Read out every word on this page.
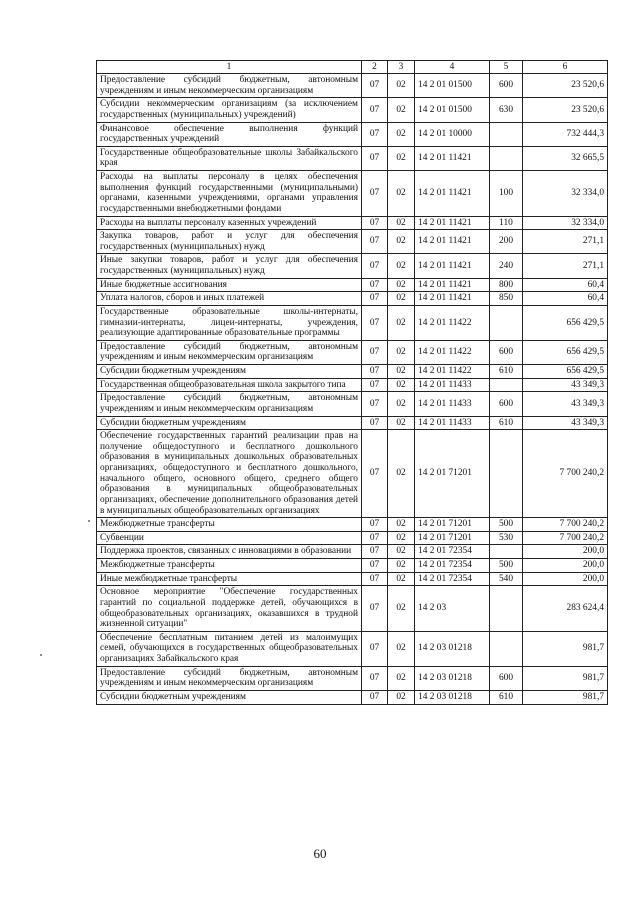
1	2	3	4	5	6
Предоставление субсидий бюджетным, автономным учреждениям и иным некоммерческим организациям	07	02	14 2 01 01500	600	23 520,6
Субсидии некоммерческим организациям (за исключением государственных (муниципальных) учреждений)	07	02	14 2 01 01500	630	23 520,6
Финансовое обеспечение выполнения функций государственных учреждений	07	02	14 2 01 10000		732 444,3
Государственные общеобразовательные школы Забайкальского края	07	02	14 2 01 11421		32 665,5
Расходы на выплаты персоналу в целях обеспечения выполнения функций государственными (муниципальными) органами, казенными учреждениями, органами управления государственными внебюджетными фондами	07	02	14 2 01 11421	100	32 334,0
Расходы на выплаты персоналу казенных учреждений	07	02	14 2 01 11421	110	32 334,0
Закупка товаров, работ и услуг для обеспечения государственных (муниципальных) нужд	07	02	14 2 01 11421	200	271,1
Иные закупки товаров, работ и услуг для обеспечения государственных (муниципальных) нужд	07	02	14 2 01 11421	240	271,1
Иные бюджетные ассигнования	07	02	14 2 01 11421	800	60,4
Уплата налогов, сборов и иных платежей	07	02	14 2 01 11421	850	60,4
Государственные образовательные школы-интернаты, гимназии-интернаты, лицеи-интернаты, учреждения, реализующие адаптированные образовательные программы	07	02	14 2 01 11422		656 429,5
Предоставление субсидий бюджетным, автономным учреждениям и иным некоммерческим организациям	07	02	14 2 01 11422	600	656 429,5
Субсидии бюджетным учреждениям	07	02	14 2 01 11422	610	656 429,5
Государственная общеобразовательная школа закрытого типа	07	02	14 2 01 11433		43 349,3
Предоставление субсидий бюджетным, автономным учреждениям и иным некоммерческим организациям	07	02	14 2 01 11433	600	43 349,3
Субсидии бюджетным учреждениям	07	02	14 2 01 11433	610	43 349,3
Обеспечение государственных гарантий реализации прав на получение общедоступного и бесплатного дошкольного образования в муниципальных дошкольных образовательных организациях, общедоступного и бесплатного дошкольного, начального общего, основного общего, среднего общего образования в муниципальных общеобразовательных организациях, обеспечение дополнительного образования детей в муниципальных общеобразовательных организациях	07	02	14 2 01 71201		7 700 240,2
Межбюджетные трансферты	07	02	14 2 01 71201	500	7 700 240,2
Субвенции	07	02	14 2 01 71201	530	7 700 240,2
Поддержка проектов, связанных с инновациями в образовании	07	02	14 2 01 72354		200,0
Межбюджетные трансферты	07	02	14 2 01 72354	500	200,0
Иные межбюджетные трансферты	07	02	14 2 01 72354	540	200,0
Основное мероприятие "Обеспечение государственных гарантий по социальной поддержке детей, обучающихся в общеобразовательных организациях, оказавшихся в трудной жизненной ситуации"	07	02	14 2 03		283 624,4
Обеспечение бесплатным питанием детей из малоимущих семей, обучающихся в государственных общеобразовательных организациях Забайкальского края	07	02	14 2 03 01218		981,7
Предоставление субсидий бюджетным, автономным учреждениям и иным некоммерческим организациям	07	02	14 2 03 01218	600	981,7
Субсидии бюджетным учреждениям	07	02	14 2 03 01218	610	981,7
60
